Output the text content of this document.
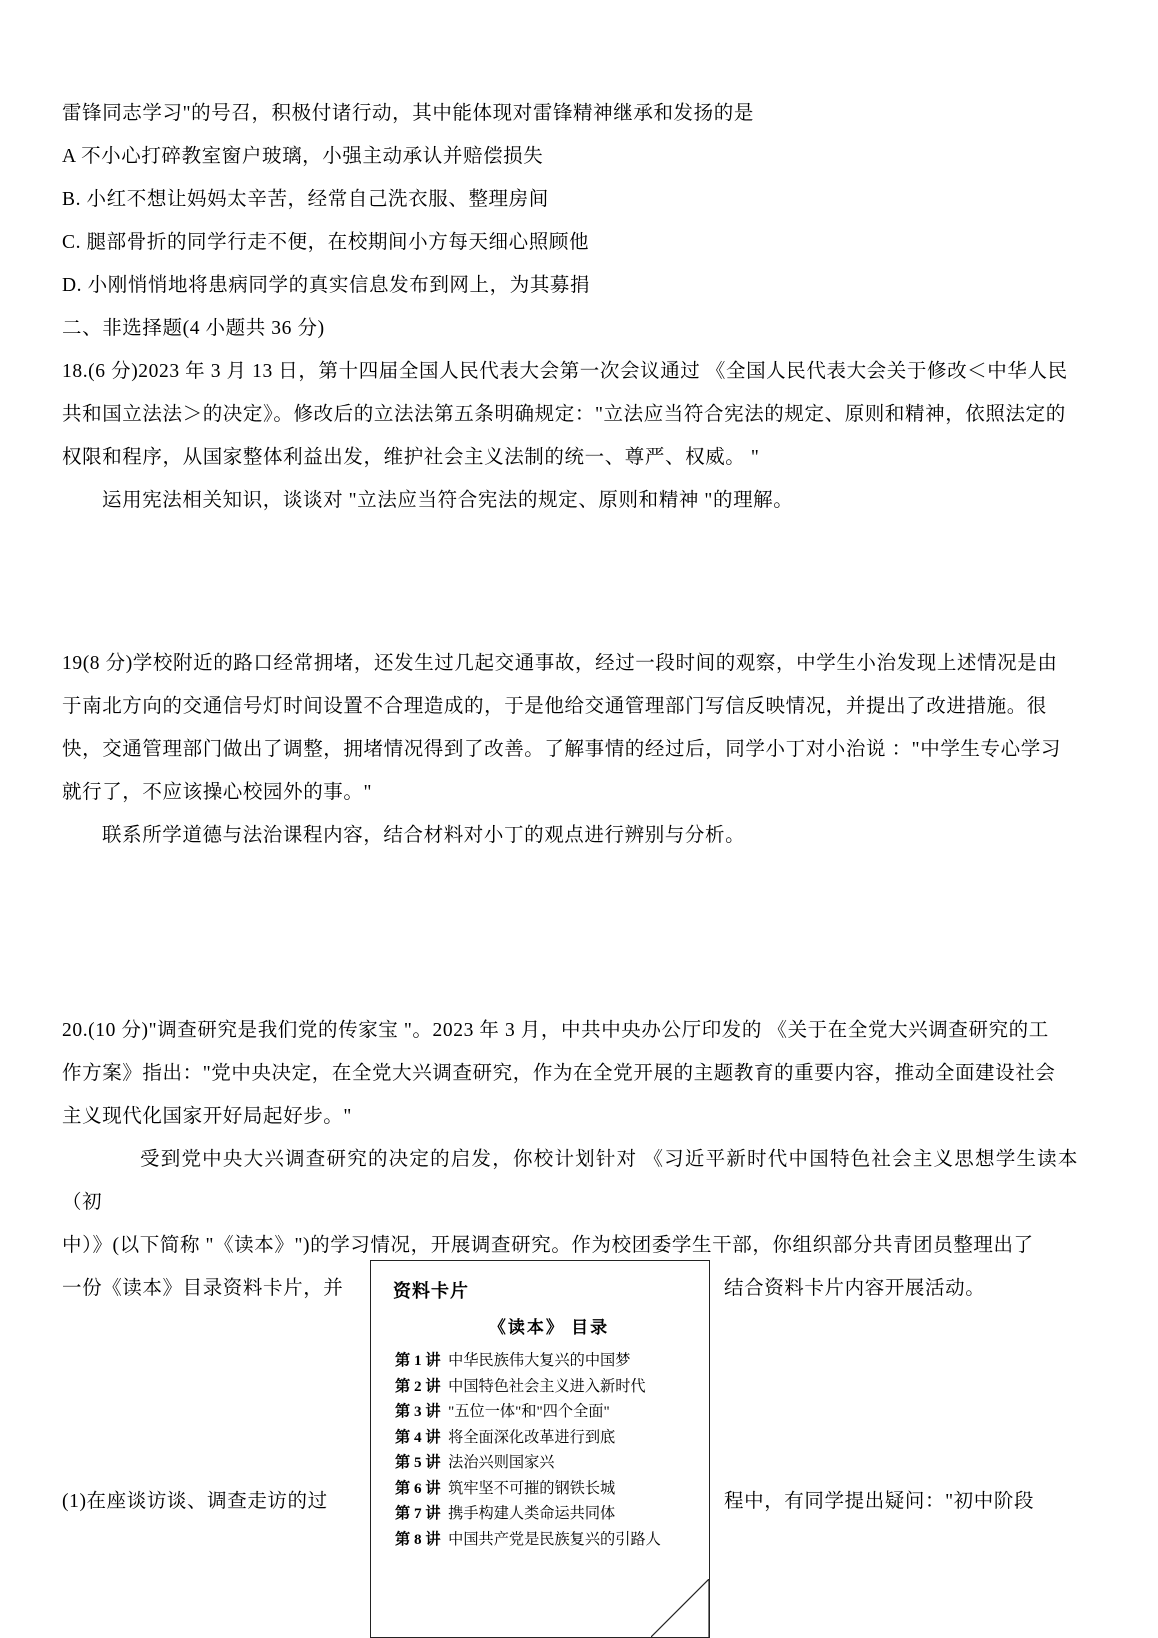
雷锋同志学习"的号召，积极付诸行动，其中能体现对雷锋精神继承和发扬的是

A 不小心打碎教室窗户玻璃，小强主动承认并赔偿损失

B. 小红不想让妈妈太辛苦，经常自己洗衣服、整理房间

C. 腿部骨折的同学行走不便，在校期间小方每天细心照顾他

D. 小刚悄悄地将患病同学的真实信息发布到网上，为其募捐

二、非选择题(4 小题共 36 分)

18.(6 分)2023 年 3 月 13 日，第十四届全国人民代表大会第一次会议通过 《全国人民代表大会关于修改＜中华人民

共和国立法法＞的决定》。修改后的立法法第五条明确规定："立法应当符合宪法的规定、原则和精神，依照法定的

权限和程序，从国家整体利益出发，维护社会主义法制的统一、尊严、权威。 "

运用宪法相关知识，谈谈对 "立法应当符合宪法的规定、原则和精神 "的理解。

19(8 分)学校附近的路口经常拥堵，还发生过几起交通事故，经过一段时间的观察，中学生小治发现上述情况是由

于南北方向的交通信号灯时间设置不合理造成的，于是他给交通管理部门写信反映情况，并提出了改进措施。很

快，交通管理部门做出了调整，拥堵情况得到了改善。了解事情的经过后，同学小丁对小治说 ："中学生专心学习

就行了，不应该操心校园外的事。"

联系所学道德与法治课程内容，结合材料对小丁的观点进行辨别与分析。

20.(10 分)"调查研究是我们党的传家宝 "。2023 年 3 月，中共中央办公厅印发的 《关于在全党大兴调查研究的工

作方案》指出："党中央决定，在全党大兴调查研究，作为在全党开展的主题教育的重要内容，推动全面建设社会

主义现代化国家开好局起好步。"

受到党中央大兴调查研究的决定的启发，你校计划针对 《习近平新时代中国特色社会主义思想学生读本（初

中）》(以下简称 "《读本》")的学习情况，开展调查研究。作为校团委学生干部，你组织部分共青团员整理出了

一份《读本》目录资料卡片，并	结合资料卡片内容开展活动。

(1)在座谈访谈、调查走访的过	程中，有同学提出疑问："初中阶段

资料卡片
《读本》 目录
第 1 讲 中华民族伟大复兴的中国梦
第 2 讲 中国特色社会主义进入新时代
第 3 讲 "五位一体"和"四个全面"
第 4 讲 将全面深化改革进行到底
第 5 讲 法治兴则国家兴
第 6 讲 筑牢坚不可摧的钢铁长城
第 7 讲 携手构建人类命运共同体
第 8 讲 中国共产党是民族复兴的引路人
